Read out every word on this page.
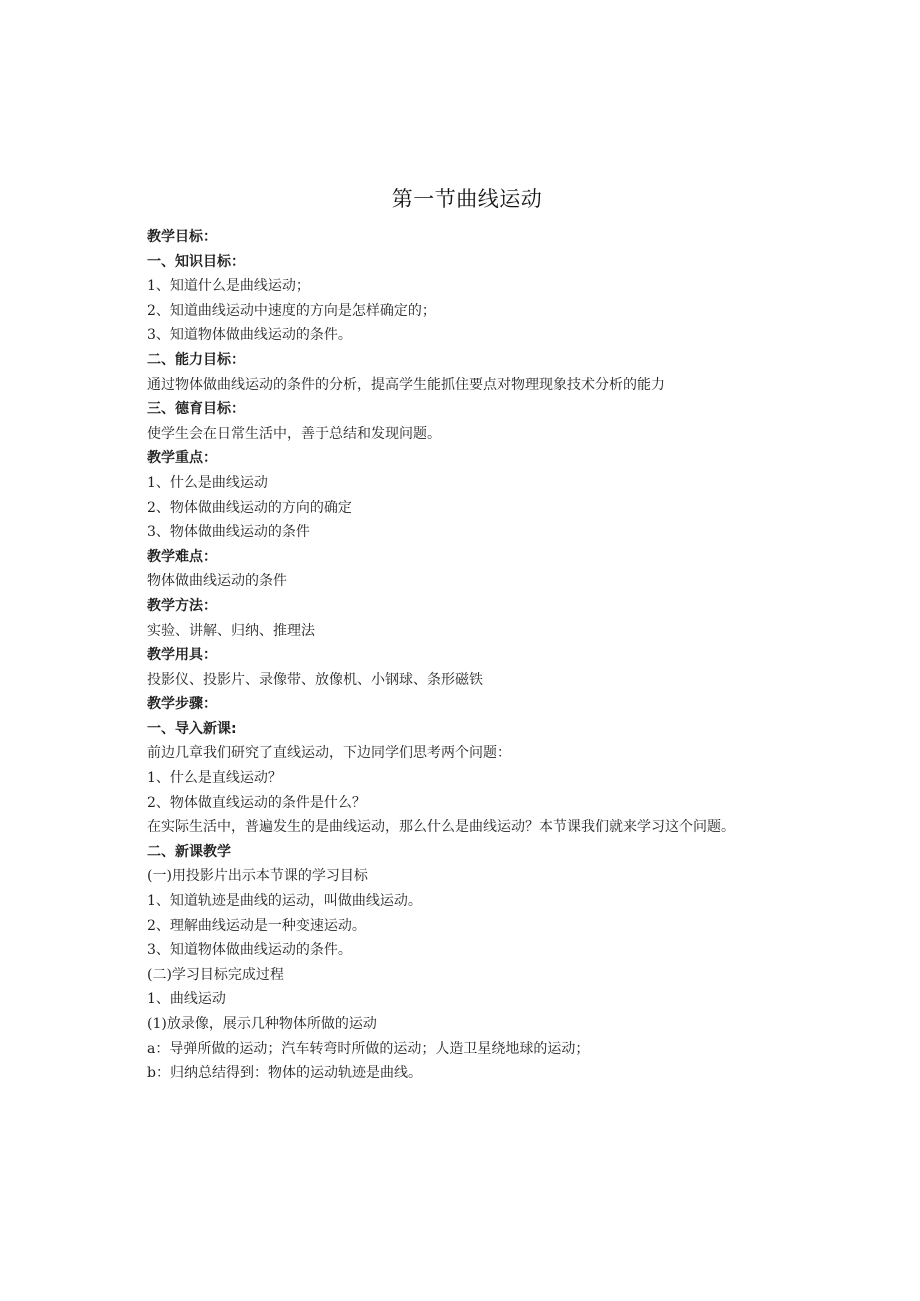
第一节曲线运动
教学目标：
一、知识目标：
1、知道什么是曲线运动；
2、知道曲线运动中速度的方向是怎样确定的；
3、知道物体做曲线运动的条件。
二、能力目标：
通过物体做曲线运动的条件的分析，提高学生能抓住要点对物理现象技术分析的能力
三、德育目标：
使学生会在日常生活中，善于总结和发现问题。
教学重点：
1、什么是曲线运动
2、物体做曲线运动的方向的确定
3、物体做曲线运动的条件
教学难点：
物体做曲线运动的条件
教学方法：
实验、讲解、归纳、推理法
教学用具：
投影仪、投影片、录像带、放像机、小钢球、条形磁铁
教学步骤：
一、导入新课:
前边几章我们研究了直线运动，下边同学们思考两个问题：
1、什么是直线运动？
2、物体做直线运动的条件是什么？
在实际生活中，普遍发生的是曲线运动，那么什么是曲线运动？本节课我们就来学习这个问题。
二、新课教学
(一)用投影片出示本节课的学习目标
1、知道轨迹是曲线的运动，叫做曲线运动。
2、理解曲线运动是一种变速运动。
3、知道物体做曲线运动的条件。
(二)学习目标完成过程
1、曲线运动
(1)放录像，展示几种物体所做的运动
a：导弹所做的运动；汽车转弯时所做的运动；人造卫星绕地球的运动；
b：归纳总结得到：物体的运动轨迹是曲线。
